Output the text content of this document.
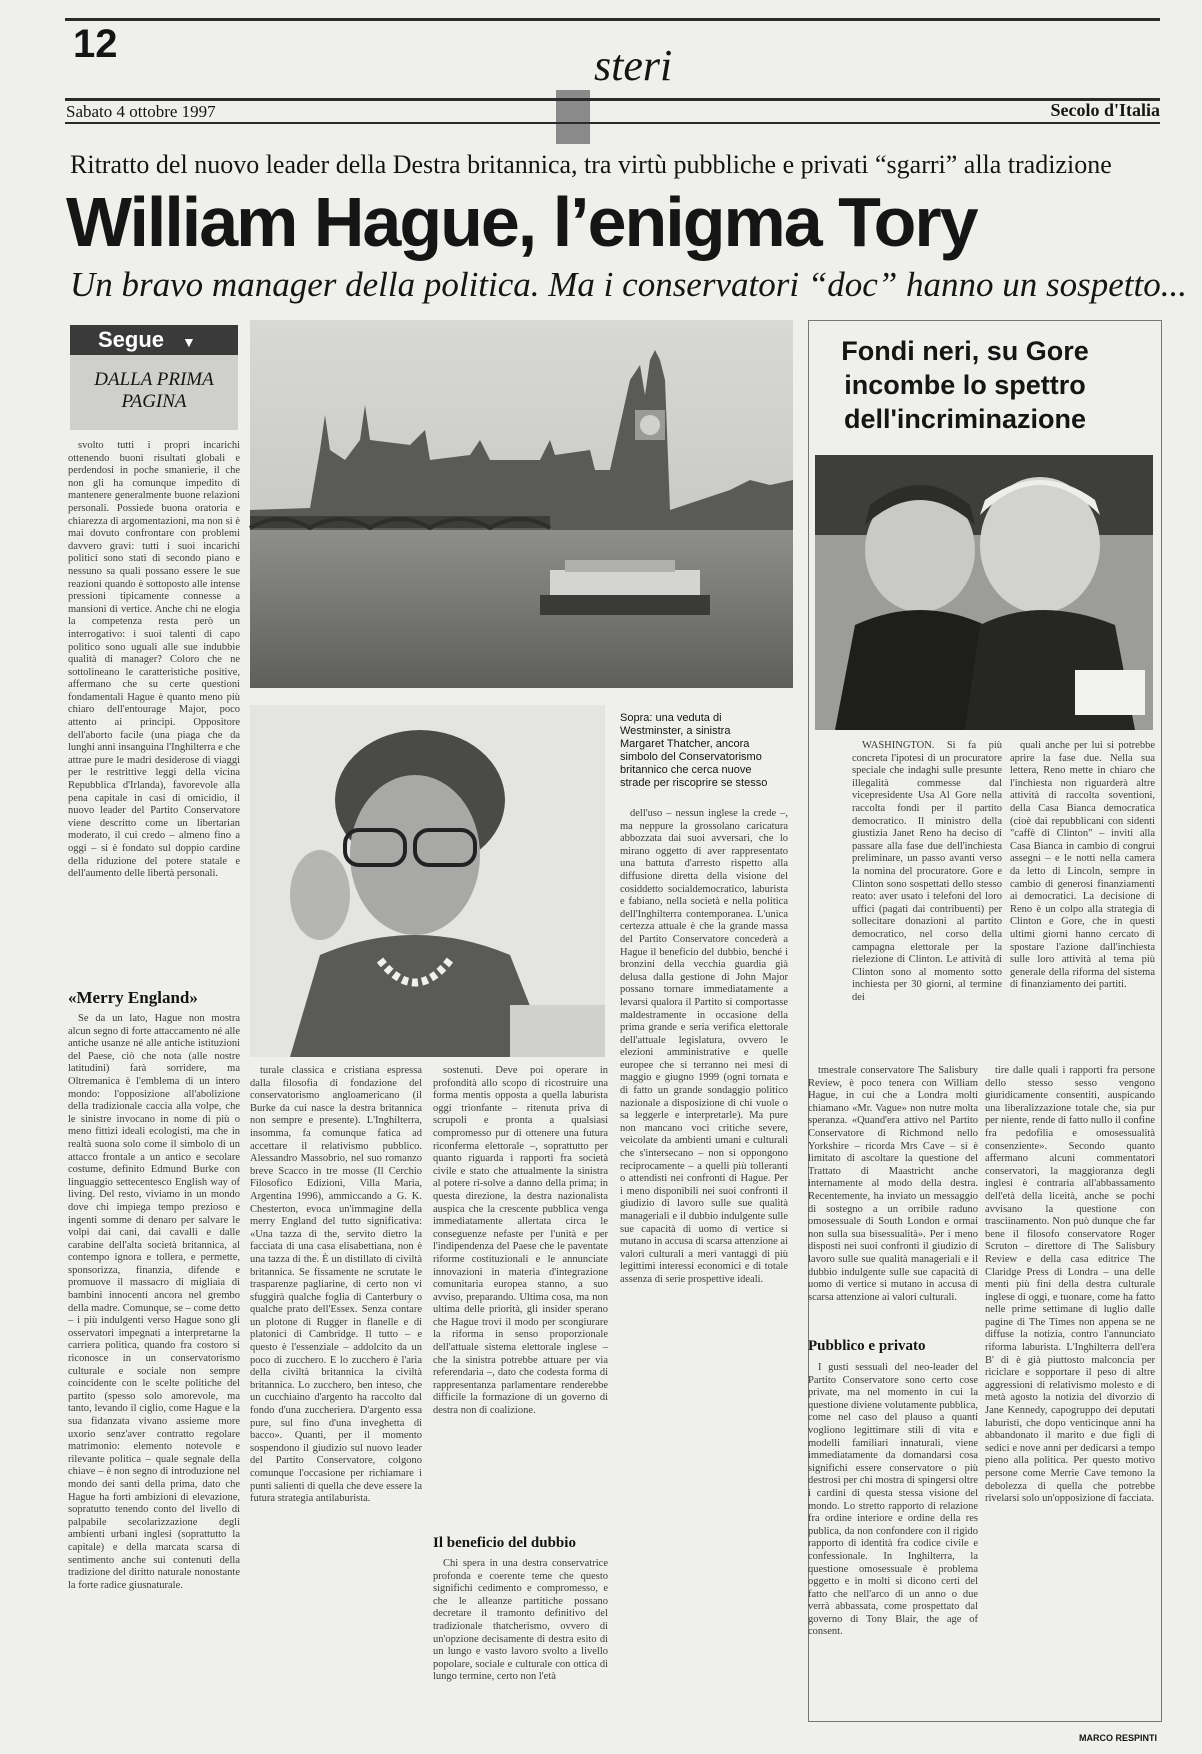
12
Esteri
Sabato 4 ottobre 1997	Secolo d'Italia
Ritratto del nuovo leader della Destra britannica, tra virtù pubbliche e privati “sgarri” alla tradizione
William Hague, l’enigma Tory
Un bravo manager della politica. Ma i conservatori “doc” hanno un sospetto...
Segue ▼
DALLA PRIMA PAGINA

svolto tutti i propri incarichi ottenendo buoni risultati globali e perdendosi in poche smanierie, il che non gli ha comunque impedito di mantenere generalmente buone relazioni personali. Possiede buona oratoria e chiarezza di argomentazioni, ma non si è mai dovuto confrontare con problemi davvero gravi: tutti i suoi incarichi politici sono stati di secondo piano e nessuno sa quali possano essere le sue reazioni quando è sottoposto alle intense pressioni tipicamente connesse a mansioni di vertice. Anche chi ne elogia la competenza resta però un interrogativo: i suoi talenti di capo politico sono uguali alle sue indubbie qualità di manager? Coloro che ne sottolineano le caratteristiche positive, affermano che su certe questioni fondamentali Hague è quanto meno più chiaro dell'entourage Major, poco attento ai principi. Oppositore dell'aborto facile (una piaga che da lunghi anni insanguina l'Inghilterra e che attrae pure le madri desiderose di viaggi per le restrittive leggi della vicina Repubblica d'Irlanda), favorevole alla pena capitale in casi di omicidio, il nuovo leader del Partito Conservatore viene descritto come un libertarian moderato, il cui credo – almeno fino a oggi – si è fondato sul doppio cardine della riduzione del potere statale e dell'aumento delle libertà personali.

«Merry England»

Se da un lato, Hague non mostra alcun segno di forte attaccamento né alle antiche usanze né alle antiche istituzioni del Paese, ciò che nota (alle nostre latitudini) farà sorridere, ma Oltremanica è l'emblema di un intero mondo: l'opposizione all'abolizione della tradizionale caccia alla volpe, che le sinistre invocano in nome di più o meno fittizi ideali ecologisti, ma che in realtà suona solo come il simbolo di un attacco frontale a un antico e secolare costume, definito Edmund Burke con linguaggio settecentesco English way of living. Del resto, viviamo in un mondo dove chi impiega tempo prezioso e ingenti somme di denaro per salvare le volpi dai cani, dai cavalli e dalle carabine dell'alta società britannica, al contempo ignora e tollera, e permette, sponsorizza, finanzia, difende e promuove il massacro di migliaia di bambini innocenti ancora nel grembo della madre. Comunque, se – come detto – i più indulgenti verso Hague sono gli osservatori impegnati a interpretarne la carriera politica, quando fra costoro si riconosce in un conservatorismo culturale e sociale non sempre coincidente con le scelte politiche del partito (spesso solo amorevole, ma tanto, levando il ciglio, come Hague e la sua fidanzata vivano assieme more uxorio senz'aver contratto regolare matrimonio: elemento notevole e rilevante politica – quale segnale della chiave – è non segno di introduzione nel mondo dei santi della prima, dato che Hague ha forti ambizioni di elevazione, sopratutto tenendo conto del livello di palpabile secolarizzazione degli ambienti urbani inglesi (soprattutto la capitale) e della marcata scarsa di sentimento anche sui contenuti della tradizione del diritto naturale nonostante la forte radice giusnaturale.

Sopra: una veduta di Westminster, a sinistra Margaret Thatcher, ancora simbolo del Conservatorismo britannico che cerca nuove strade per riscoprire se stesso

dell'uso – nessun inglese la crede –, ma neppure la grossolano caricatura abbozzata dai suoi avversari, che lo mirano oggetto di aver rappresentato una battuta d'arresto rispetto alla diffusione diretta della visione del cosiddetto socialdemocratico, laburista e fabiano, nella società e nella politica dell'Inghilterra contemporanea. L'unica certezza attuale è che la grande massa del Partito Conservatore concederà a Hague il beneficio del dubbio, benché i bronzini della vecchia guardia già delusa dalla gestione di John Major possano tornare immediatamente a levarsi qualora il Partito si comportasse maldestramente in occasione della prima grande e seria verifica elettorale dell'attuale legislatura, ovvero le elezioni amministrative e quelle europee che si terranno nei mesi di maggio e giugno 1999 (ogni tornata e di fatto un grande sondaggio politico nazionale a disposizione di chi vuole o sa leggerle e interpretarle). Ma pure non mancano voci critiche severe, veicolate da ambienti umani e culturali che s'intersecano – non si oppongono reciprocamente – a quelli più tolleranti o attendisti nei confronti di Hague. Per i meno disponibili nei suoi confronti il giudizio di lavoro sulle sue qualità manageriali e il dubbio indulgente sulle sue capacità di uomo di vertice si mutano in accusa di scarsa attenzione ai valori culturali a meri vantaggi di più legittimi interessi economici e di totale assenza di serie prospettive ideali.

Fondi neri, su Gore incombe lo spettro dell'incriminazione

WASHINGTON. Si fa più concreta l'ipotesi di un procuratore speciale che indaghi sulle presunte illegalità commesse dal vicepresidente Usa Al Gore nella raccolta fondi per il partito democratico. Il ministro della giustizia Janet Reno ha deciso di passare alla fase due dell'inchiesta preliminare, un passo avanti verso la nomina del procuratore. Gore e Clinton sono sospettati dello stesso reato: aver usato i telefoni del loro uffici (pagati dai contribuenti) per sollecitare donazioni al partito democratico, nel corso della campagna elettorale per la rielezione di Clinton. Le attività di Clinton sono al momento sotto inchiesta per 30 giorni, al termine dei

quali anche per lui si potrebbe aprire la fase due. Nella sua lettera, Reno mette in chiaro che l'inchiesta non riguarderà altre attività di raccolta soventioni, della Casa Bianca democratica (cioè dai repubblicani con sidenti "caffè di Clinton" – inviti alla Casa Bianca in cambio di congrui assegni – e le notti nella camera da letto di Lincoln, sempre in cambio di generosi finanziamenti ai democratici. La decisione di Reno è un colpo alla strategia di Clinton e Gore, che in questi ultimi giorni hanno cercato di spostare l'azione dall'inchiesta sulle loro attività al tema più generale della riforma del sistema di finanziamento dei partiti.

turale classica e cristiana espressa dalla filosofia di fondazione del conservatorismo angloamericano (il Burke da cui nasce la destra britannica non sempre e presente). L'Inghilterra, insomma, fa comunque fatica ad accettare il relativismo pubblico. Alessandro Massobrio, nel suo romanzo breve Scacco in tre mosse (Il Cerchio Filosofico Edizioni, Villa Maria, Argentina 1996), ammiccando a G. K. Chesterton, evoca un'immagine della merry England del tutto significativa: «Una tazza di the, servito dietro la facciata di una casa elisabettiana, non è una tazza di the. È un distillato di civiltà britannica. Se fissamente ne scrutate le trasparenze pagliarine, di certo non vi sfuggirà qualche foglia di Canterbury o qualche prato dell'Essex. Senza contare un plotone di Rugger in flanelle e di platonici di Cambridge. Il tutto – e questo è l'essenziale – addolcito da un poco di zucchero. E lo zucchero è l'aria della civiltà britannica la civiltà britannica. Lo zucchero, ben inteso, che un cucchiaino d'argento ha raccolto dal fondo d'una zuccheriera. D'argento essa pure, sul fino d'una inveghetta di bacco». Quanti, per il momento sospendono il giudizio sul nuovo leader del Partito Conservatore, colgono comunque l'occasione per richiamare i punti salienti di quella che deve essere la futura strategia antilaburista.

sostenuti. Deve poi operare in profondità allo scopo di ricostruire una forma mentis opposta a quella laburista oggi trionfante – ritenuta priva di scrupoli e pronta a qualsiasi compromesso pur di ottenere una futura riconferma elettorale –, soprattutto per quanto riguarda i rapporti fra società civile e stato che attualmente la sinistra al potere ri-solve a danno della prima; in questa direzione, la destra nazionalista auspica che la crescente pubblica venga immediatamente allertata circa le conseguenze nefaste per l'unità e per l'indipendenza del Paese che le paventate riforme costituzionali e le annunciate innovazioni in materia d'integrazione comunitaria europea stanno, a suo avviso, preparando. Ultima cosa, ma non ultima delle priorità, gli insider sperano che Hague trovi il modo per scongiurare la riforma in senso proporzionale dell'attuale sistema elettorale inglese – che la sinistra potrebbe attuare per via referendaria –, dato che codesta forma di rappresentanza parlamentare renderebbe difficile la formazione di un governo di destra non di coalizione.

Il beneficio del dubbio

Chi spera in una destra conservatrice profonda e coerente teme che questo significhi cedimento e compromesso, e che le alleanze partitiche possano decretare il tramonto definitivo del tradizionale thatcherismo, ovvero di un'opzione decisamente di destra esito di un lungo e vasto lavoro svolto a livello popolare, sociale e culturale con ottica di lungo termine, certo non l'età

tmestrale conservatore The Salisbury Review, è poco tenera con William Hague, in cui che a Londra molti chiamano «Mr. Vague» non nutre molta speranza. «Quand'era attivo nel Partito Conservatore di Richmond nello Yorkshire – ricorda Mrs Cave – si è limitato di ascoltare la questione del Trattato di Maastricht anche internamente al modo della destra. Recentemente, ha inviato un messaggio di sostegno a un orribile raduno omosessuale di South London e ormai non sulla sua bisessualità». Per i meno disposti nei suoi confronti il giudizio di lavoro sulle sue qualità manageriali e il dubbio indulgente sulle sue capacità di uomo di vertice si mutano in accusa di scarsa attenzione ai valori culturali.

Pubblico e privato

I gusti sessuali del neo-leader del Partito Conservatore sono certo cose private, ma nel momento in cui la questione diviene volutamente pubblica, come nel caso del plauso a quanti vogliono legittimare stili di vita e modelli familiari innaturali, viene immediatamente da domandarsi cosa significhi essere conservatore o più destrosi per chi mostra di spingersi oltre i cardini di questa stessa visione del mondo. Lo stretto rapporto di relazione fra ordine interiore e ordine della res publica, da non confondere con il rigido rapporto di identità fra codice civile e confessionale. In Inghilterra, la questione omosessuale è problema oggetto e in molti si dicono certi del fatto che nell'arco di un anno o due verrà abbassata, come prospettato dal governo di Tony Blair, the age of consent.

tire dalle quali i rapporti fra persone dello stesso sesso vengono giuridicamente consentiti, auspicando una liberalizzazione totale che, sia pur per niente, rende di fatto nullo il confine fra pedofilia e omosessualità consenziente». Secondo quanto affermano alcuni commentatori conservatori, la maggioranza degli inglesi è contraria all'abbassamento dell'età della liceità, anche se pochi avvisano la questione con trasciinamento. Non può dunque che far bene il filosofo conservatore Roger Scruton – direttore di The Salisbury Review e della casa editrice The Claridge Press di Londra – una delle menti più fini della destra culturale inglese di oggi, e tuonare, come ha fatto nelle prime settimane di luglio dalle pagine di The Times non appena se ne diffuse la notizia, contro l'annunciato riforma laburista. L'Inghilterra dell'era B' di è già piuttosto malconcia per riciclare e sopportare il peso di altre aggressioni di relativismo molesto e di metà agosto la notizia del divorzio di Jane Kennedy, capogruppo dei deputati laburisti, che dopo venticinque anni ha abbandonato il marito e due figli di sedici e nove anni per dedicarsi a tempo pieno alla politica. Per questo motivo persone come Merrie Cave temono la debolezza di quella che potrebbe rivelarsi solo un'opposizione di facciata.

MARCO RESPINTI
